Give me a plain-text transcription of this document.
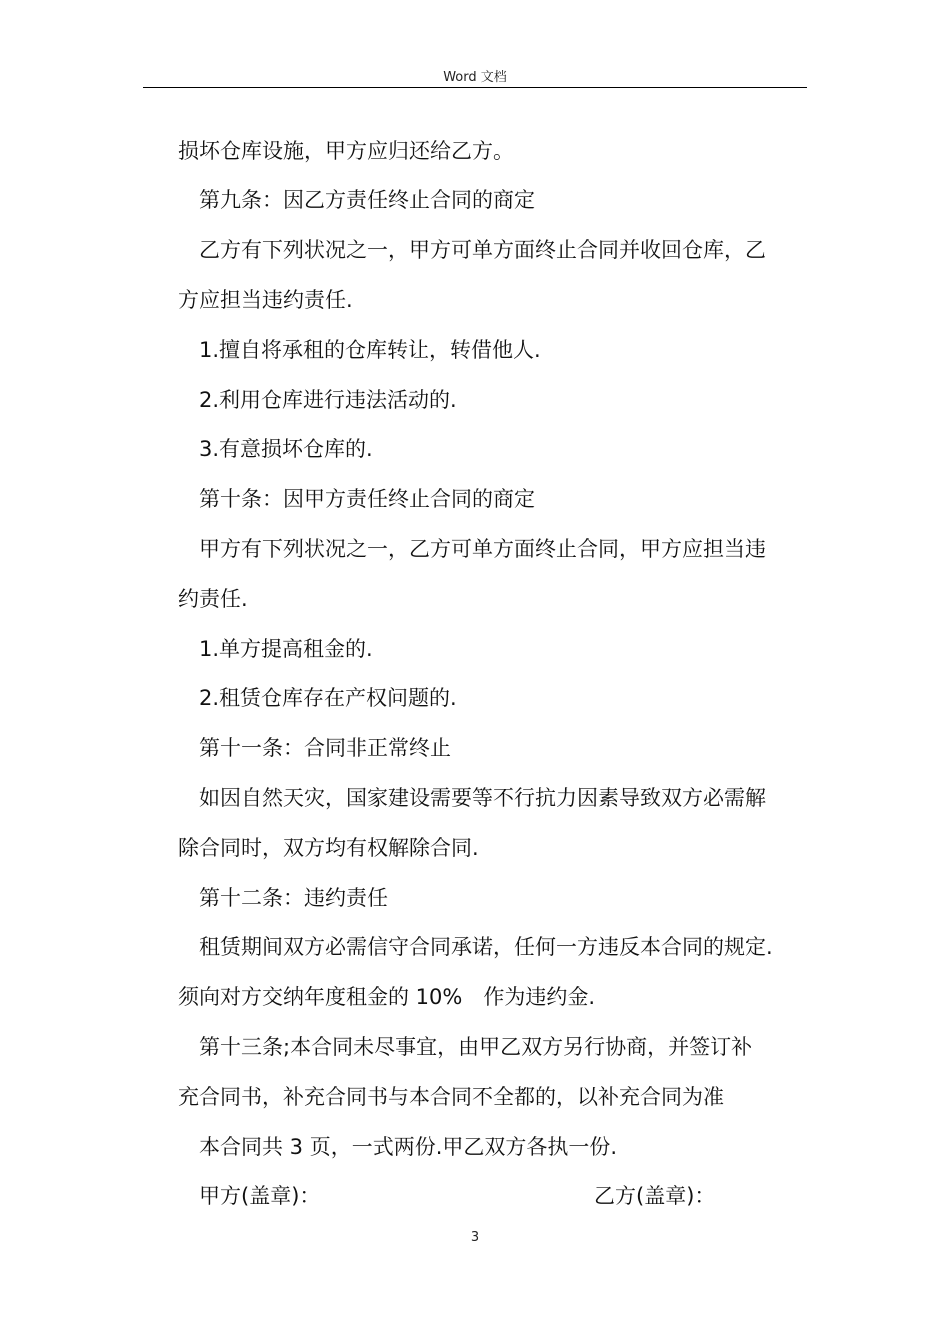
Word 文档
损坏仓库设施，甲方应归还给乙方。
第九条：因乙方责任终止合同的商定
乙方有下列状况之一，甲方可单方面终止合同并收回仓库，乙
方应担当违约责任.
1.擅自将承租的仓库转让，转借他人.
2.利用仓库进行违法活动的.
3.有意损坏仓库的.
第十条：因甲方责任终止合同的商定
甲方有下列状况之一，乙方可单方面终止合同，甲方应担当违
约责任.
1.单方提高租金的.
2.租赁仓库存在产权问题的.
第十一条：合同非正常终止
如因自然天灾，国家建设需要等不行抗力因素导致双方必需解
除合同时，双方均有权解除合同.
第十二条：违约责任
租赁期间双方必需信守合同承诺，任何一方违反本合同的规定.
须向对方交纳年度租金的 10%　作为违约金.
第十三条;本合同未尽事宜，由甲乙双方另行协商，并签订补
充合同书，补充合同书与本合同不全都的，以补充合同为准
本合同共 3 页，一式两份.甲乙双方各执一份.
甲方(盖章)：	乙方(盖章)：
3
